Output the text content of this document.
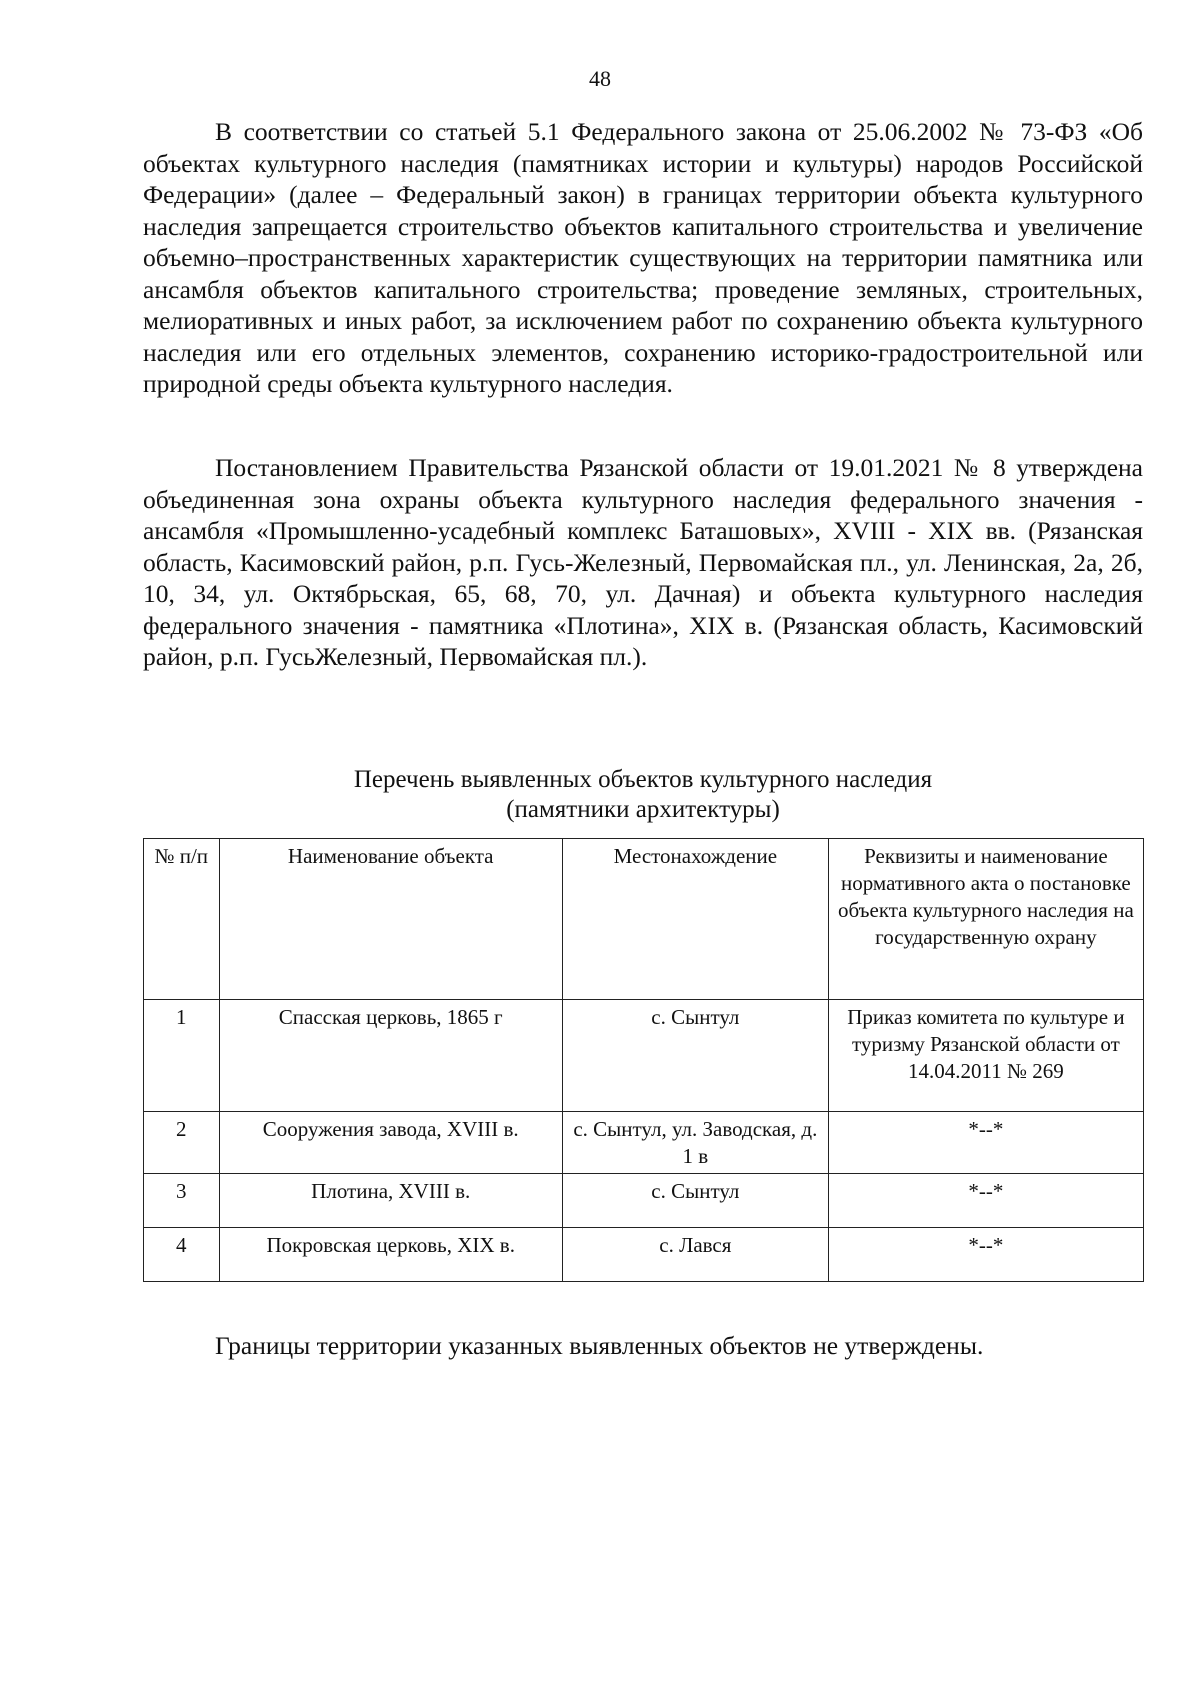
48

В соответствии со статьей 5.1 Федерального закона от 25.06.2002 № 73-ФЗ «Об объектах культурного наследия (памятниках истории и культуры) народов Российской Федерации» (далее – Федеральный закон) в границах территории объекта культурного наследия запрещается строительство объектов капитального строительства и увеличение объемно–пространственных характеристик существующих на территории памятника или ансамбля объектов капитального строительства; проведение земляных, строительных, мелиоративных и иных работ, за исключением работ по сохранению объекта культурного наследия или его отдельных элементов, сохранению историко-градостроительной или природной среды объекта культурного наследия.

Постановлением Правительства Рязанской области от 19.01.2021 № 8 утверждена объединенная зона охраны объекта культурного наследия федерального значения - ансамбля «Промышленно-усадебный комплекс Баташовых», XVIII - XIX вв. (Рязанская область, Касимовский район, р.п. Гусь-Железный, Первомайская пл., ул. Ленинская, 2а, 2б, 10, 34, ул. Октябрьская, 65, 68, 70, ул. Дачная) и объекта культурного наследия федерального значения - памятника «Плотина», XIX в. (Рязанская область, Касимовский район, р.п. ГусьЖелезный, Первомайская пл.).

Перечень выявленных объектов культурного наследия
(памятники архитектуры)
№ п/п	Наименование объекта	Местонахождение	Реквизиты и наименование нормативного акта о постановке объекта культурного наследия на государственную охрану
1	Спасская церковь, 1865 г	с. Сынтул	Приказ комитета по культуре и туризму Рязанской области от 14.04.2011 № 269
2	Сооружения завода, XVIII в.	с. Сынтул, ул. Заводская, д. 1 в	*--*
3	Плотина, XVIII в.	с. Сынтул	*--*
4	Покровская церковь, XIX в.	с. Лався	*--*
Границы территории указанных выявленных объектов не утверждены.
